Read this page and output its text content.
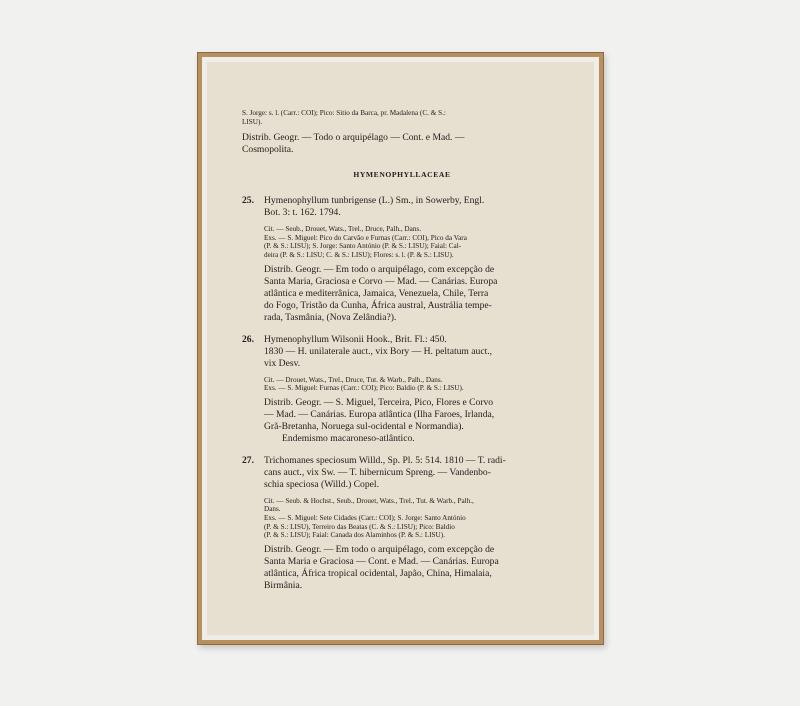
S. Jorge: s. l. (Carr.: COI); Pico: Sitio da Barca, pr. Madalena (C. & S.:
LISU).
Distrib. Geogr. — Todo o arquipélago — Cont. e Mad. —
Cosmopolita.
HYMENOPHYLLACEAE
25. Hymenophyllum tunbrigense (L.) Sm., in Sowerby, Engl.
Bot. 3: t. 162. 1794.
Cit. — Seub., Drouet, Wats., Trel., Druce, Palh., Dans.
Exs. — S. Miguel: Pico do Carvão e Furnas (Carr.: COI), Pico da Vara
(P. & S.: LISU); S. Jorge: Santo António (P. & S.: LISU); Faial: Cal-
deira (P. & S.: LISU; C. & S.: LISU); Flores: s. l. (P. & S.: LISU).
Distrib. Geogr. — Em todo o arquipélago, com excepção de
Santa Maria, Graciosa e Corvo — Mad. — Canárias. Europa
atlântica e mediterrânica, Jamaica, Venezuela, Chile, Terra
do Fogo, Tristão da Cunha, África austral, Austrália tempe-
rada, Tasmânia, (Nova Zelândia?).
26. Hymenophyllum Wilsonii Hook., Brit. Fl.: 450.
1830 — H. unilaterale auct., vix Bory — H. peltatum auct.,
vix Desv.
Cit. — Drouet, Wats., Trel., Druce, Tut. & Warb., Palh., Dans.
Exs. — S. Miguel: Furnas (Carr.: COI); Pico: Baldio (P. & S.: LISU).
Distrib. Geogr. — S. Miguel, Terceira, Pico, Flores e Corvo
— Mad. — Canárias. Europa atlântica (Ilha Faroes, Irlanda,
Grã-Bretanha, Noruega sul-ocidental e Normandia).
Endemismo macaroneso-atlântico.
27. Trichomanes speciosum Willd., Sp. Pl. 5: 514. 1810 — T. radi-
cans auct., vix Sw. — T. hibernicum Spreng. — Vandenbo-
schia speciosa (Willd.) Copel.
Cit. — Seub. & Hochst., Seub., Drouet, Wats., Trel., Tut. & Warb., Palh.,
Dans.
Exs. — S. Miguel: Sete Cidades (Carr.: COI); S. Jorge: Santo António
(P. & S.: LISU), Terreiro das Beatas (C. & S.: LISU); Pico: Baldio
(P. & S.: LISU); Faial: Canada dos Alaminhos (P. & S.: LISU).
Distrib. Geogr. — Em todo o arquipélago, com excepção de
Santa Maria e Graciosa — Cont. e Mad. — Canárias. Europa
atlântica, África tropical ocidental, Japão, China, Himalaia,
Birmânia.
